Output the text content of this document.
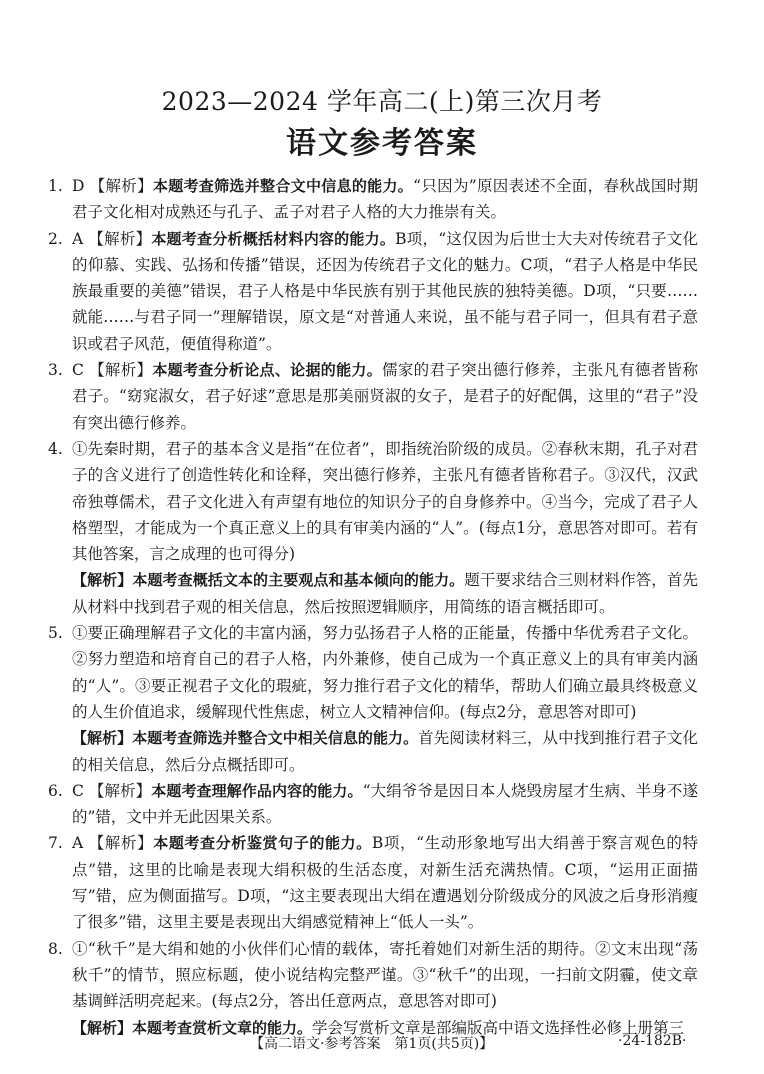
2023—2024 学年高二(上)第三次月考
语文参考答案
1. D 【解析】本题考查筛选并整合文中信息的能力。“只因为”原因表述不全面，春秋战国时期君子文化相对成熟还与孔子、孟子对君子人格的大力推崇有关。
2. A 【解析】本题考查分析概括材料内容的能力。B项，“这仅因为后世士大夫对传统君子文化的仰慕、实践、弘扬和传播”错误，还因为传统君子文化的魅力。C项，“君子人格是中华民族最重要的美德”错误，君子人格是中华民族有别于其他民族的独特美德。D项，“只要……就能……与君子同一”理解错误，原文是“对普通人来说，虽不能与君子同一，但具有君子意识或君子风范，便值得称道”。
3. C 【解析】本题考查分析论点、论据的能力。儒家的君子突出德行修养，主张凡有德者皆称君子。“窈窕淑女，君子好逑”意思是那美丽贤淑的女子，是君子的好配偶，这里的“君子”没有突出德行修养。
4. ①先秦时期，君子的基本含义是指“在位者”，即指统治阶级的成员。②春秋末期，孔子对君子的含义进行了创造性转化和诠释，突出德行修养，主张凡有德者皆称君子。③汉代，汉武帝独尊儒术，君子文化进入有声望有地位的知识分子的自身修养中。④当今，完成了君子人格塑型，才能成为一个真正意义上的具有审美内涵的“人”。(每点1分，意思答对即可。若有其他答案，言之成理的也可得分)
【解析】本题考查概括文本的主要观点和基本倾向的能力。题干要求结合三则材料作答，首先从材料中找到君子观的相关信息，然后按照逻辑顺序，用简练的语言概括即可。
5. ①要正确理解君子文化的丰富内涵，努力弘扬君子人格的正能量，传播中华优秀君子文化。②努力塑造和培育自己的君子人格，内外兼修，使自己成为一个真正意义上的具有审美内涵的“人”。③要正视君子文化的瑕疵，努力推行君子文化的精华，帮助人们确立最具终极意义的人生价值追求，缓解现代性焦虑，树立人文精神信仰。(每点2分，意思答对即可)
【解析】本题考查筛选并整合文中相关信息的能力。首先阅读材料三，从中找到推行君子文化的相关信息，然后分点概括即可。
6. C 【解析】本题考查理解作品内容的能力。“大绢爷爷是因日本人烧毁房屋才生病、半身不遂的”错，文中并无此因果关系。
7. A 【解析】本题考查分析鉴赏句子的能力。B项，“生动形象地写出大绢善于察言观色的特点”错，这里的比喻是表现大绢积极的生活态度，对新生活充满热情。C项，“运用正面描写”错，应为侧面描写。D项，“这主要表现出大绢在遭遇划分阶级成分的风波之后身形消瘦了很多”错，这里主要是表现出大绢感觉精神上“低人一头”。
8. ①“秋千”是大绢和她的小伙伴们心情的载体，寄托着她们对新生活的期待。②文末出现“荡秋千”的情节，照应标题，使小说结构完整严谨。③“秋千”的出现，一扫前文阴霾，使文章基调鲜活明亮起来。(每点2分，答出任意两点，意思答对即可)
【解析】本题考查赏析文章的能力。学会写赏析文章是部编版高中语文选择性必修上册第三
【高二语文·参考答案　第1页(共5页)】	·24-182B·
